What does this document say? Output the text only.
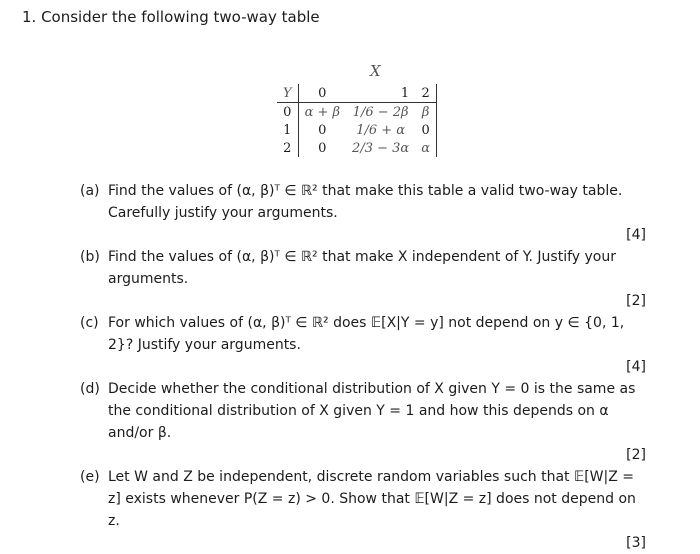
1. Consider the following two-way table
X
Y	0	1	2
0	α + β	1/6 − 2β	β
1	0	1/6 + α	0
2	0	2/3 − 3α	α
(a) Find the values of (α, β)ᵀ ∈ ℝ² that make this table a valid two-way table. Carefully justify your arguments.
[4]
(b) Find the values of (α, β)ᵀ ∈ ℝ² that make X independent of Y. Justify your arguments.
[2]
(c) For which values of (α, β)ᵀ ∈ ℝ² does 𝔼[X|Y = y] not depend on y ∈ {0, 1, 2}? Justify your arguments.
[4]
(d) Decide whether the conditional distribution of X given Y = 0 is the same as the conditional distribution of X given Y = 1 and how this depends on α and/or β.
[2]
(e) Let W and Z be independent, discrete random variables such that 𝔼[W|Z = z] exists whenever P(Z = z) > 0. Show that 𝔼[W|Z = z] does not depend on z.
[3]
